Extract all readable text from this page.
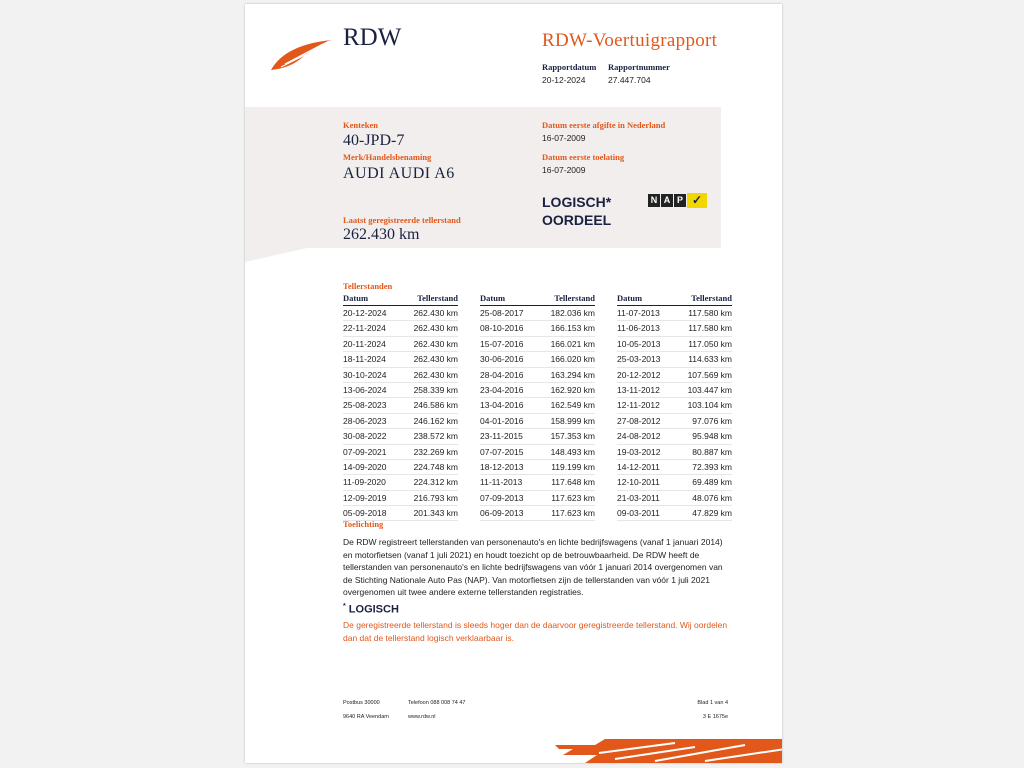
RDW	RDW-Voertuigrapport
Rapportdatum
20-12-2024
Rapportnummer
27.447.704
Kenteken
40-JPD-7
Merk/Handelsbenaming
AUDI AUDI A6
Laatst geregistreerde tellerstand
262.430 km
Datum eerste afgifte in Nederland
16-07-2009
Datum eerste toelating
16-07-2009
LOGISCH*
OORDEEL
N A P ✓
Tellerstanden
Datum	Tellerstand
20-12-2024	262.430 km
22-11-2024	262.430 km
20-11-2024	262.430 km
18-11-2024	262.430 km
30-10-2024	262.430 km
13-06-2024	258.339 km
25-08-2023	246.586 km
28-06-2023	246.162 km
30-08-2022	238.572 km
07-09-2021	232.269 km
14-09-2020	224.748 km
11-09-2020	224.312 km
12-09-2019	216.793 km
05-09-2018	201.343 km
Datum	Tellerstand
25-08-2017	182.036 km
08-10-2016	166.153 km
15-07-2016	166.021 km
30-06-2016	166.020 km
28-04-2016	163.294 km
23-04-2016	162.920 km
13-04-2016	162.549 km
04-01-2016	158.999 km
23-11-2015	157.353 km
07-07-2015	148.493 km
18-12-2013	119.199 km
11-11-2013	117.648 km
07-09-2013	117.623 km
06-09-2013	117.623 km
Datum	Tellerstand
11-07-2013	117.580 km
11-06-2013	117.580 km
10-05-2013	117.050 km
25-03-2013	114.633 km
20-12-2012	107.569 km
13-11-2012	103.447 km
12-11-2012	103.104 km
27-08-2012	97.076 km
24-08-2012	95.948 km
19-03-2012	80.887 km
14-12-2011	72.393 km
12-10-2011	69.489 km
21-03-2011	48.076 km
09-03-2011	47.829 km
Toelichting
De RDW registreert tellerstanden van personenauto's en lichte bedrijfswagens (vanaf 1 januari 2014) en motorfietsen (vanaf 1 juli 2021) en houdt toezicht op de betrouwbaarheid. De RDW heeft de tellerstanden van personenauto's en lichte bedrijfswagens van vóór 1 januari 2014 overgenomen van de Stichting Nationale Auto Pas (NAP). Van motorfietsen zijn de tellerstanden van vóór 1 juli 2021 overgenomen uit twee andere externe tellerstanden registraties.
* LOGISCH
De geregistreerde tellerstand is sleeds hoger dan de daarvoor geregistreerde tellerstand. Wij oordelen dan dat de tellerstand logisch verklaarbaar is.
Postbus 30000
9640 RA Veendam
Telefoon 088 008 74 47
www.rdw.nl
Blad 1 van 4
3 E 1675e
